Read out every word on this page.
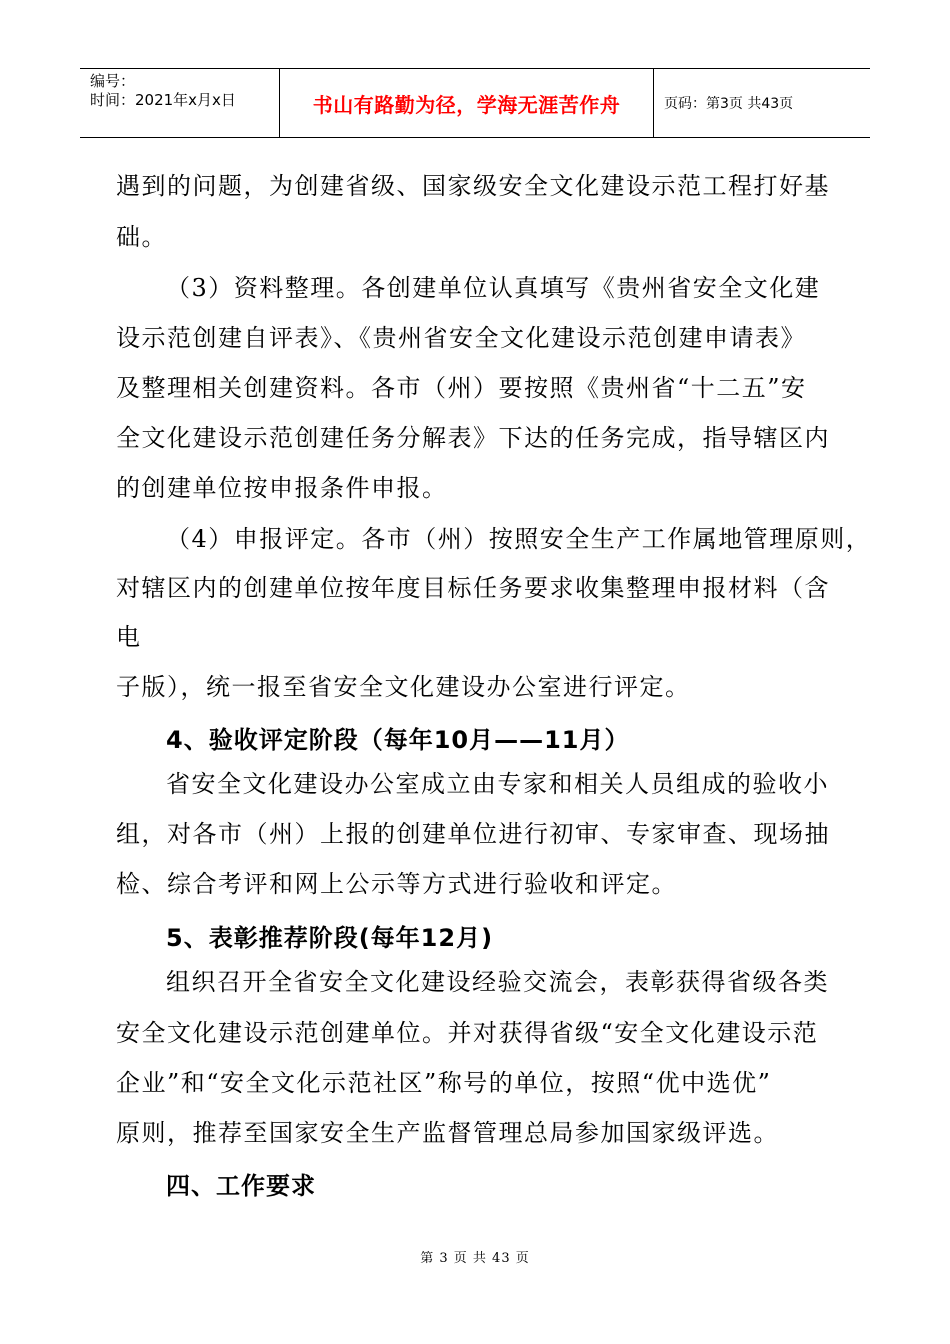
编号：
时间：2021年x月x日	书山有路勤为径，学海无涯苦作舟	页码：第3页 共43页
遇到的问题，为创建省级、国家级安全文化建设示范工程打好基
础。
（3）资料整理。各创建单位认真填写《贵州省安全文化建
设示范创建自评表》、《贵州省安全文化建设示范创建申请表》
及整理相关创建资料。各市（州）要按照《贵州省“十二五”安
全文化建设示范创建任务分解表》下达的任务完成，指导辖区内
的创建单位按申报条件申报。
（4）申报评定。各市（州）按照安全生产工作属地管理原则，
对辖区内的创建单位按年度目标任务要求收集整理申报材料（含
电
子版），统一报至省安全文化建设办公室进行评定。
4、验收评定阶段（每年10月——11月）
省安全文化建设办公室成立由专家和相关人员组成的验收小
组，对各市（州）上报的创建单位进行初审、专家审查、现场抽
检、综合考评和网上公示等方式进行验收和评定。
5、表彰推荐阶段(每年12月)
组织召开全省安全文化建设经验交流会，表彰获得省级各类
安全文化建设示范创建单位。并对获得省级“安全文化建设示范
企业”和“安全文化示范社区”称号的单位，按照“优中选优”
原则，推荐至国家安全生产监督管理总局参加国家级评选。
四、工作要求
第 3 页 共 43 页
